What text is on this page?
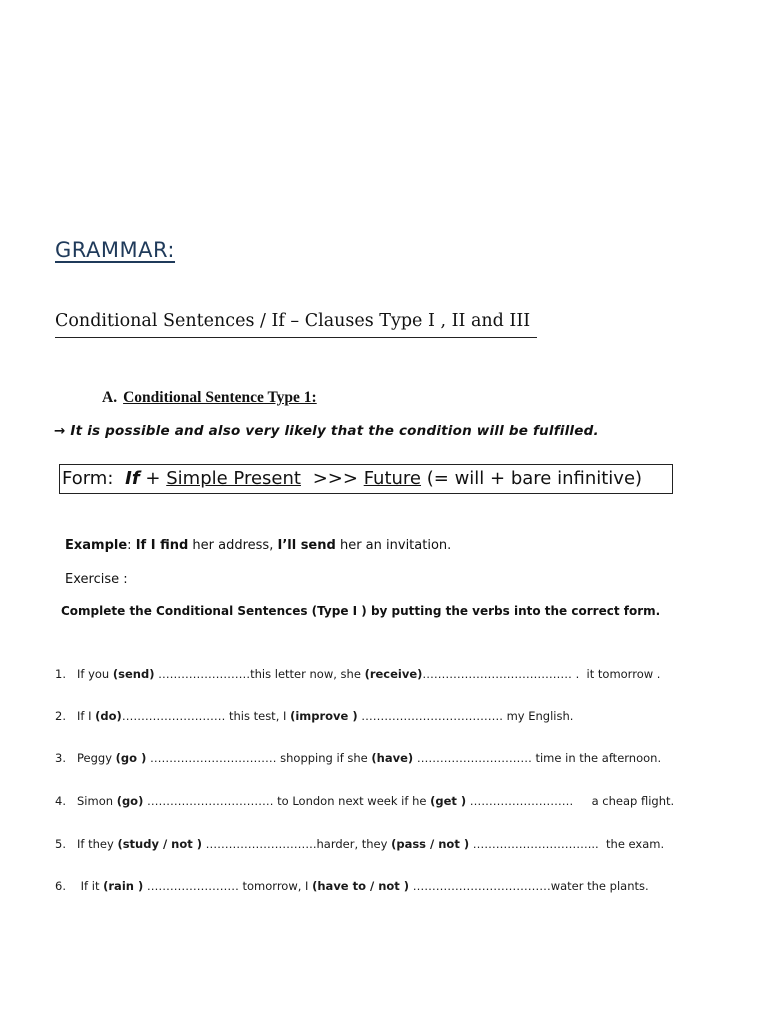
GRAMMAR:
Conditional Sentences / If – Clauses Type I , II and III
A. Conditional Sentence Type 1:
→ It is possible and also very likely that the condition will be fulfilled.
Form: If + Simple Present >>> Future (= will + bare infinitive)
Example: If I find her address, I’ll send her an invitation.
Exercise :
Complete the Conditional Sentences (Type I ) by putting the verbs into the correct form.
1. If you (send) ……………………this letter now, she (receive)………………………………… .  it tomorrow .
2. If I (do)……………………… this test, I (improve ) ………………………………. my English.
3. Peggy (go ) …………………………… shopping if she (have) ………………………… time in the afternoon.
4. Simon (go) …………………………… to London next week if he (get ) ………………………     a cheap flight.
5. If they (study / not ) ………………………..harder, they (pass / not ) …………………………...  the exam.
6. If it (rain ) …………………… tomorrow, I (have to / not ) ………………………………water the plants.
